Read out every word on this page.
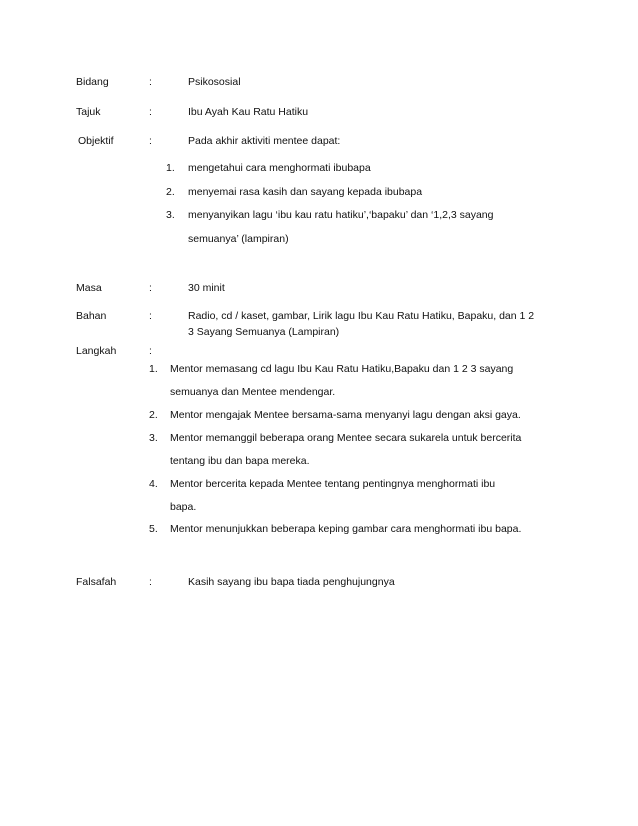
Bidang	:	Psikososial
Tajuk	:	Ibu Ayah Kau Ratu Hatiku
Objektif	:	Pada akhir aktiviti mentee dapat:
1. mengetahui cara menghormati ibubapa
2. menyemai rasa kasih dan sayang kepada ibubapa
3. menyanyikan lagu ‘ibu kau ratu hatiku’,‘bapaku’ dan ‘1,2,3 sayang
semuanya’ (lampiran)
Masa	:	30 minit
Bahan	:	Radio, cd / kaset, gambar, Lirik lagu Ibu Kau Ratu Hatiku, Bapaku, dan 1 2
3 Sayang Semuanya (Lampiran)
Langkah	:
1. Mentor memasang cd lagu Ibu Kau Ratu Hatiku,Bapaku dan 1 2 3 sayang
semuanya dan Mentee mendengar.
2. Mentor mengajak Mentee bersama-sama menyanyi lagu dengan aksi gaya.
3. Mentor memanggil beberapa orang Mentee secara sukarela untuk bercerita
tentang ibu dan bapa mereka.
4. Mentor bercerita kepada Mentee tentang pentingnya menghormati ibu
bapa.
5. Mentor menunjukkan beberapa keping gambar cara menghormati ibu bapa.
Falsafah	:	Kasih sayang ibu bapa tiada penghujungnya
